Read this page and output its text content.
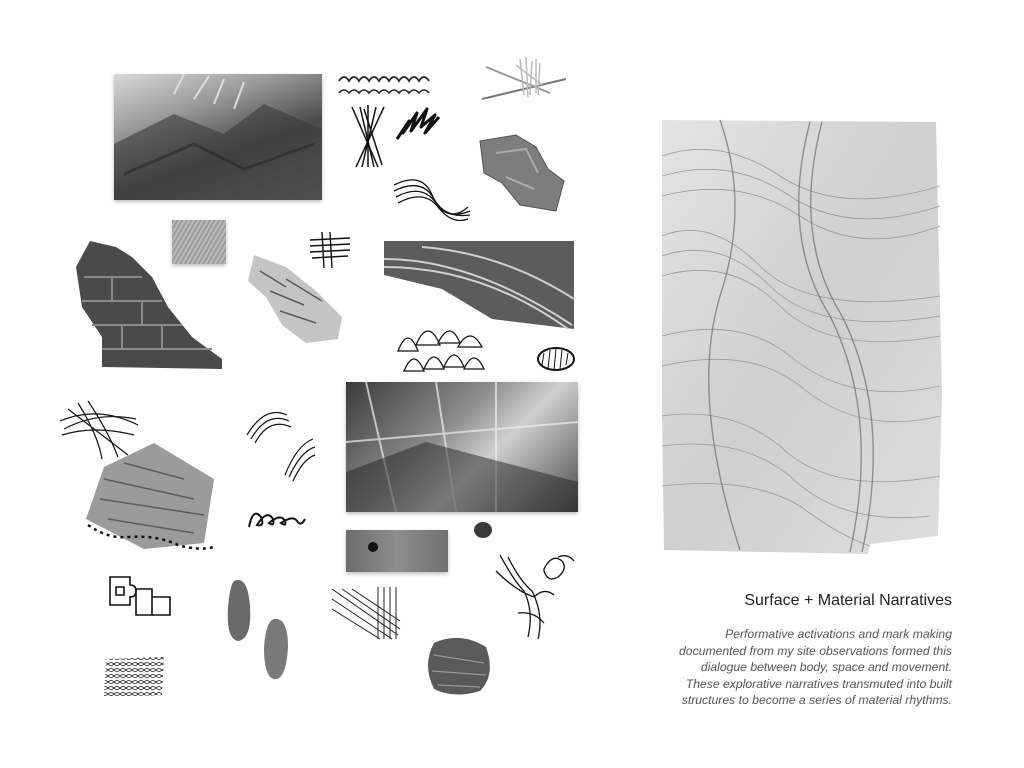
Surface + Material Narratives
Performative activations and mark making
documented from my site observations formed this
dialogue between body, space and movement.
These explorative narratives transmuted into built
structures to become a series of material rhythms.
